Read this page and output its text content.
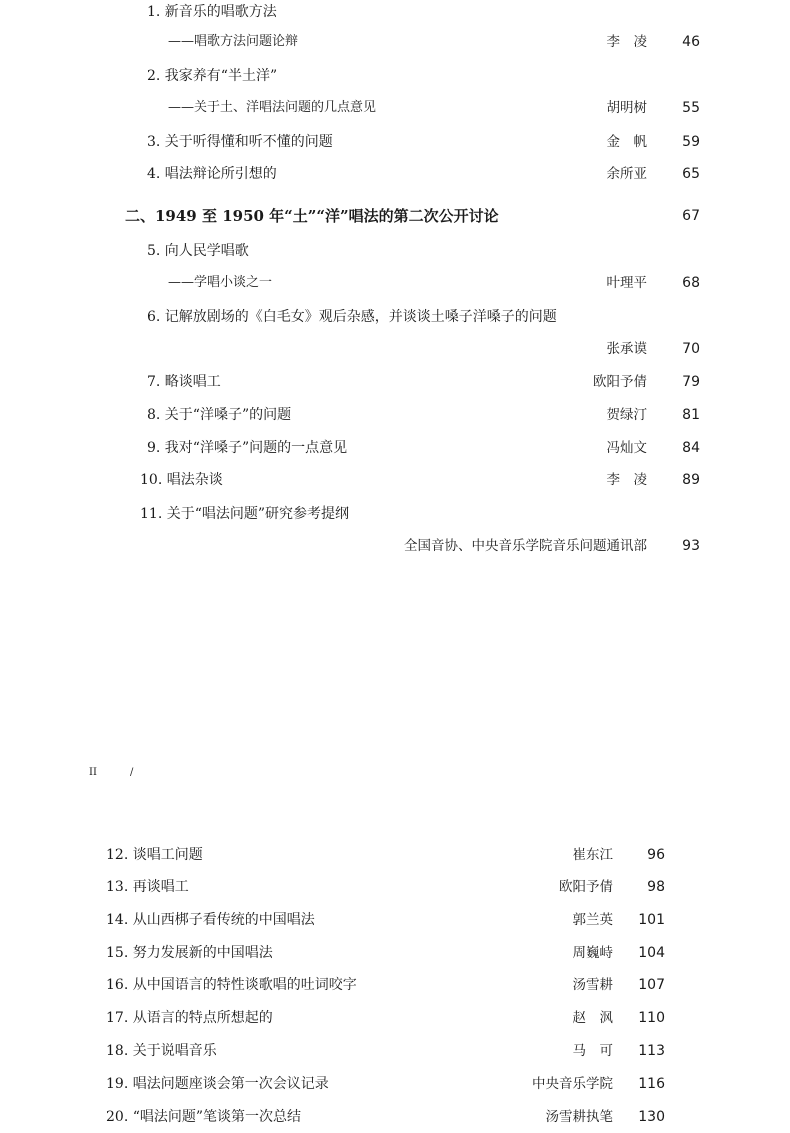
1. 新音乐的唱歌方法
——唱歌方法问题论辩	李　凌	46
2. 我家养有“半土洋”
——关于土、洋唱法问题的几点意见	胡明树	55
3. 关于听得懂和听不懂的问题	金　帆	59
4. 唱法辩论所引想的	余所亚	65
二、1949 至 1950 年“土”“洋”唱法的第二次公开讨论	67
5. 向人民学唱歌
——学唱小谈之一	叶理平	68
6. 记解放剧场的《白毛女》观后杂感，并谈谈土嗓子洋嗓子的问题
张承谟	70
7. 略谈唱工	欧阳予倩	79
8. 关于“洋嗓子”的问题	贺绿汀	81
9. 我对“洋嗓子”问题的一点意见	冯灿文	84
10. 唱法杂谈	李　凌	89
11. 关于“唱法问题”研究参考提纲
全国音协、中央音乐学院音乐问题通讯部	93
II	/
12. 谈唱工问题	崔东江 96
13. 再谈唱工	欧阳予倩 98
14. 从山西梆子看传统的中国唱法	郭兰英 101
15. 努力发展新的中国唱法	周巍峙 104
16. 从中国语言的特性谈歌唱的吐词咬字	汤雪耕 107
17. 从语言的特点所想起的	赵　沨 110
18. 关于说唱音乐	马　可 113
19. 唱法问题座谈会第一次会议记录	中央音乐学院 116
20. “唱法问题”笔谈第一次总结	汤雪耕执笔 130
